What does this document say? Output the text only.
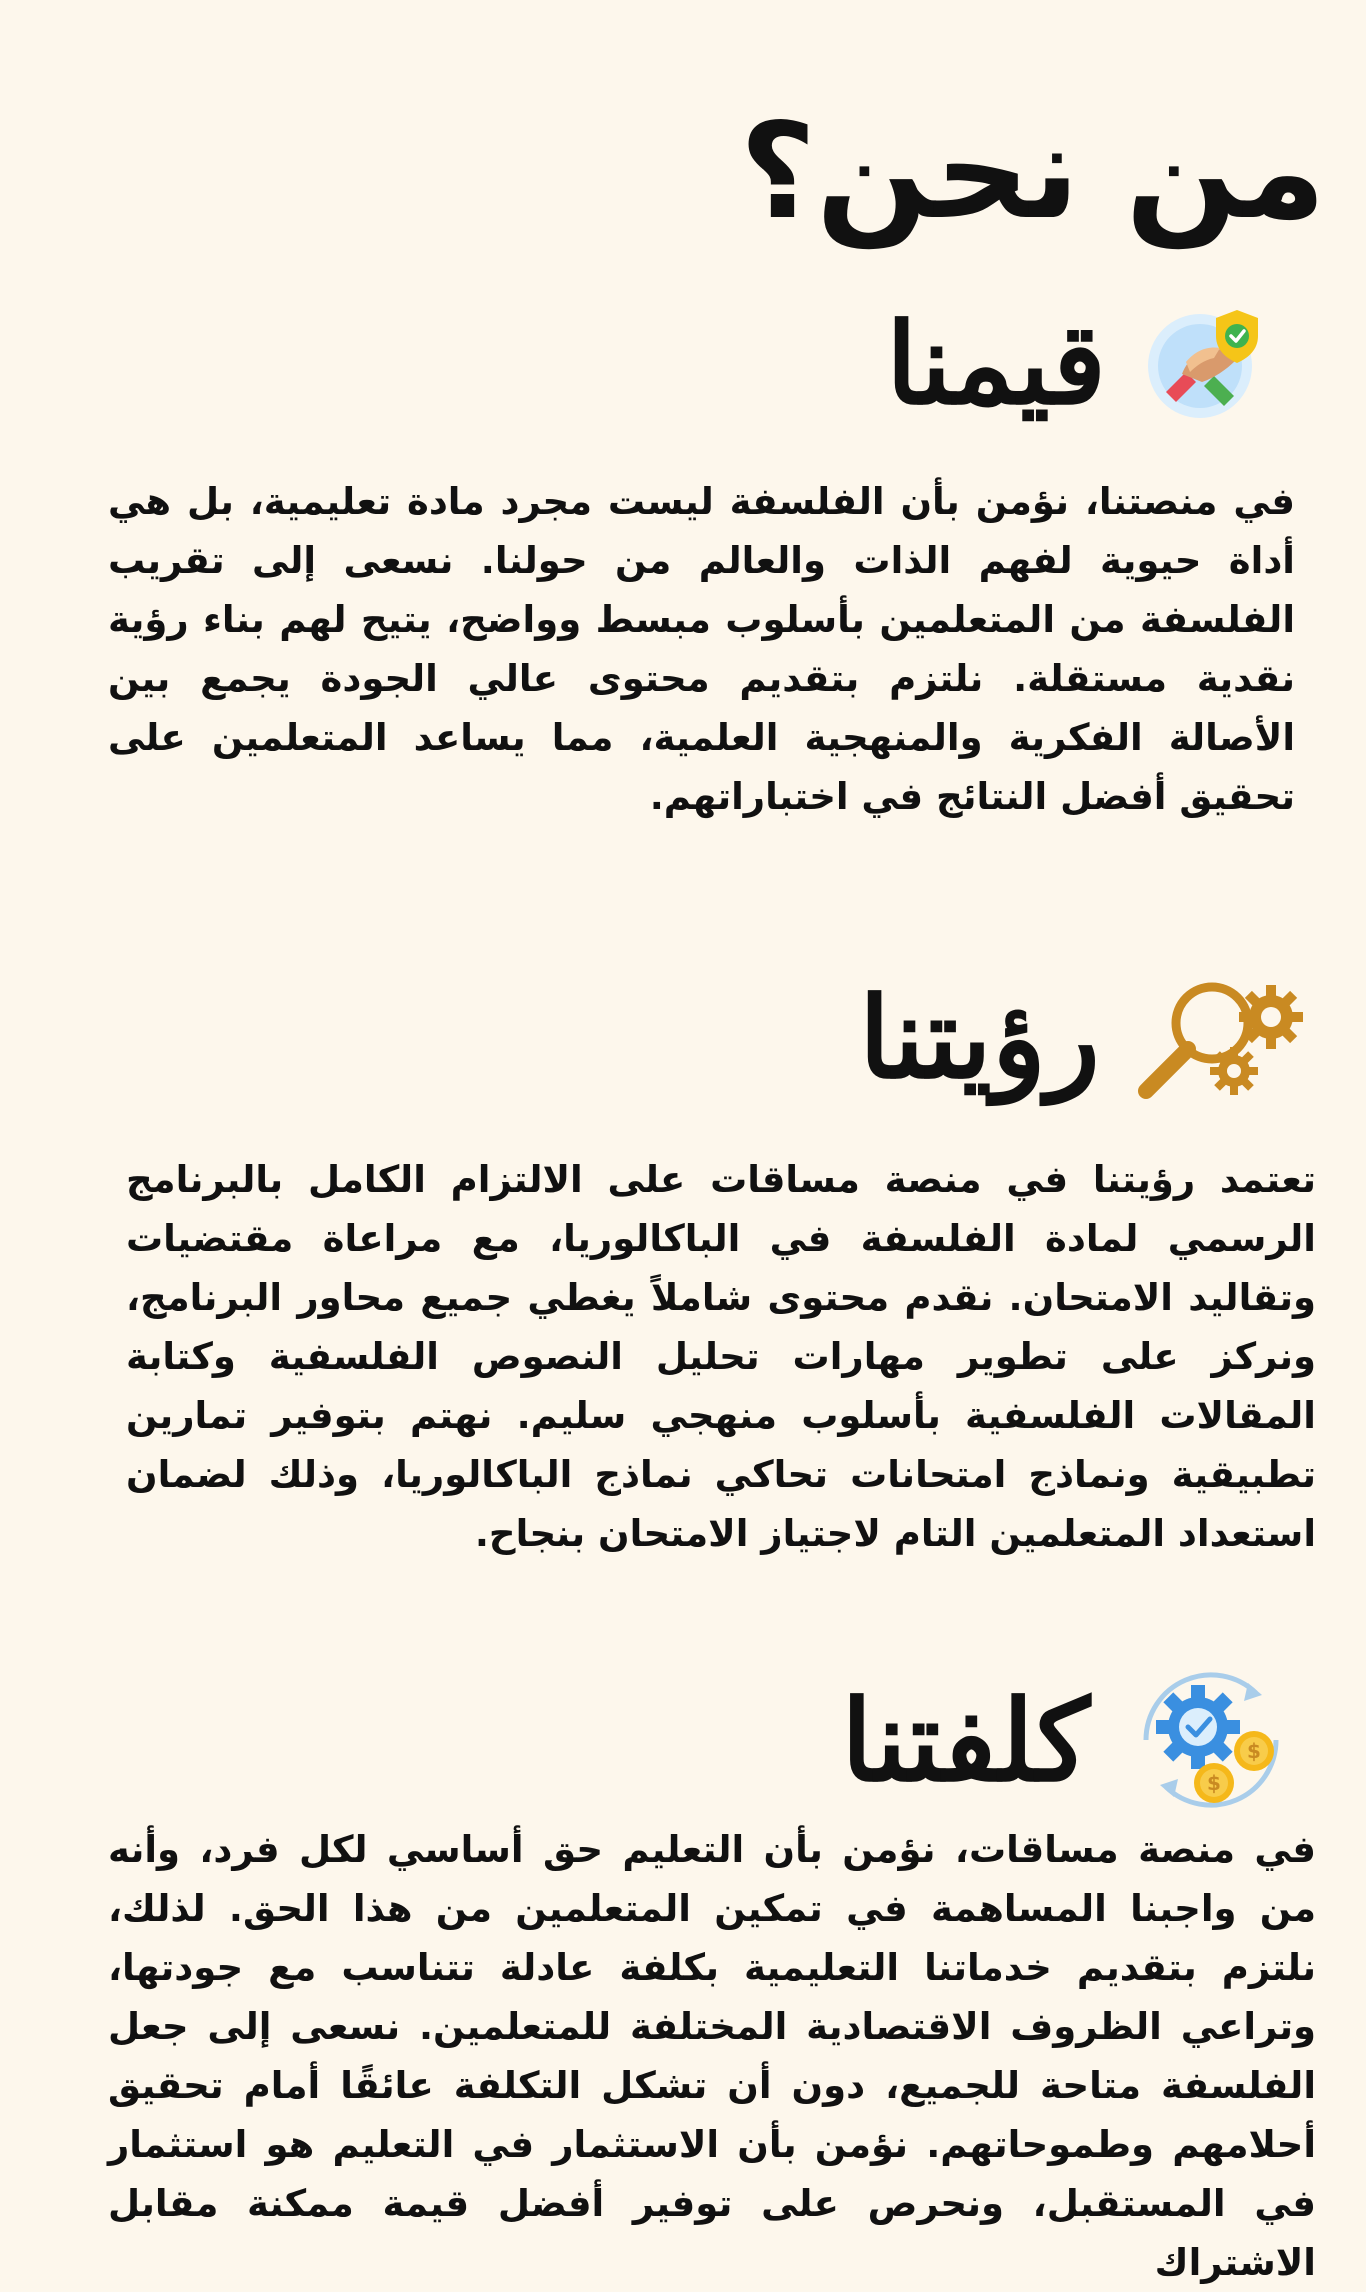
من نحن؟
قيمنا

في منصتنا، نؤمن بأن الفلسفة ليست مجرد مادة تعليمية، بل هي أداة حيوية لفهم الذات والعالم من حولنا. نسعى إلى تقريب الفلسفة من المتعلمين بأسلوب مبسط وواضح، يتيح لهم بناء رؤية نقدية مستقلة. نلتزم بتقديم محتوى عالي الجودة يجمع بين الأصالة الفكرية والمنهجية العلمية، مما يساعد المتعلمين على تحقيق أفضل النتائج في اختباراتهم.

رؤيتنا

تعتمد رؤيتنا في منصة مساقات على الالتزام الكامل بالبرنامج الرسمي لمادة الفلسفة في الباكالوريا، مع مراعاة مقتضيات وتقاليد الامتحان. نقدم محتوى شاملاً يغطي جميع محاور البرنامج، ونركز على تطوير مهارات تحليل النصوص الفلسفية وكتابة المقالات الفلسفية بأسلوب منهجي سليم. نهتم بتوفير تمارين تطبيقية ونماذج امتحانات تحاكي نماذج الباكالوريا، وذلك لضمان استعداد المتعلمين التام لاجتياز الامتحان بنجاح.

$
$
كلفتنا

في منصة مساقات، نؤمن بأن التعليم حق أساسي لكل فرد، وأنه من واجبنا المساهمة في تمكين المتعلمين من هذا الحق. لذلك، نلتزم بتقديم خدماتنا التعليمية بكلفة عادلة تتناسب مع جودتها، وتراعي الظروف الاقتصادية المختلفة للمتعلمين. نسعى إلى جعل الفلسفة متاحة للجميع، دون أن تشكل التكلفة عائقًا أمام تحقيق أحلامهم وطموحاتهم. نؤمن بأن الاستثمار في التعليم هو استثمار في المستقبل، ونحرص على توفير أفضل قيمة ممكنة مقابل الاشتراك
